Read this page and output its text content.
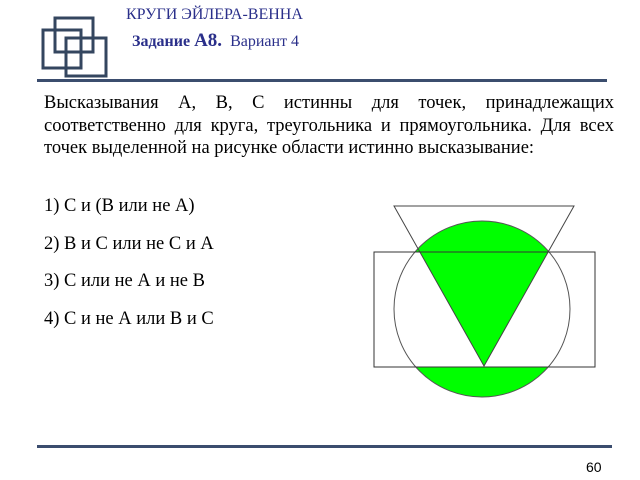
КРУГИ ЭЙЛЕРА-ВЕННА
Задание А8. Вариант 4
Высказывания А, В, С истинны для точек, принадлежащих соответственно для круга, треугольника и прямоугольника. Для всех точек выделенной на рисунке области истинно высказывание:
1) С и (В или не А)
2) В и С или не С и А
3) С или не А и не В
4) С и не А или В и С
60
